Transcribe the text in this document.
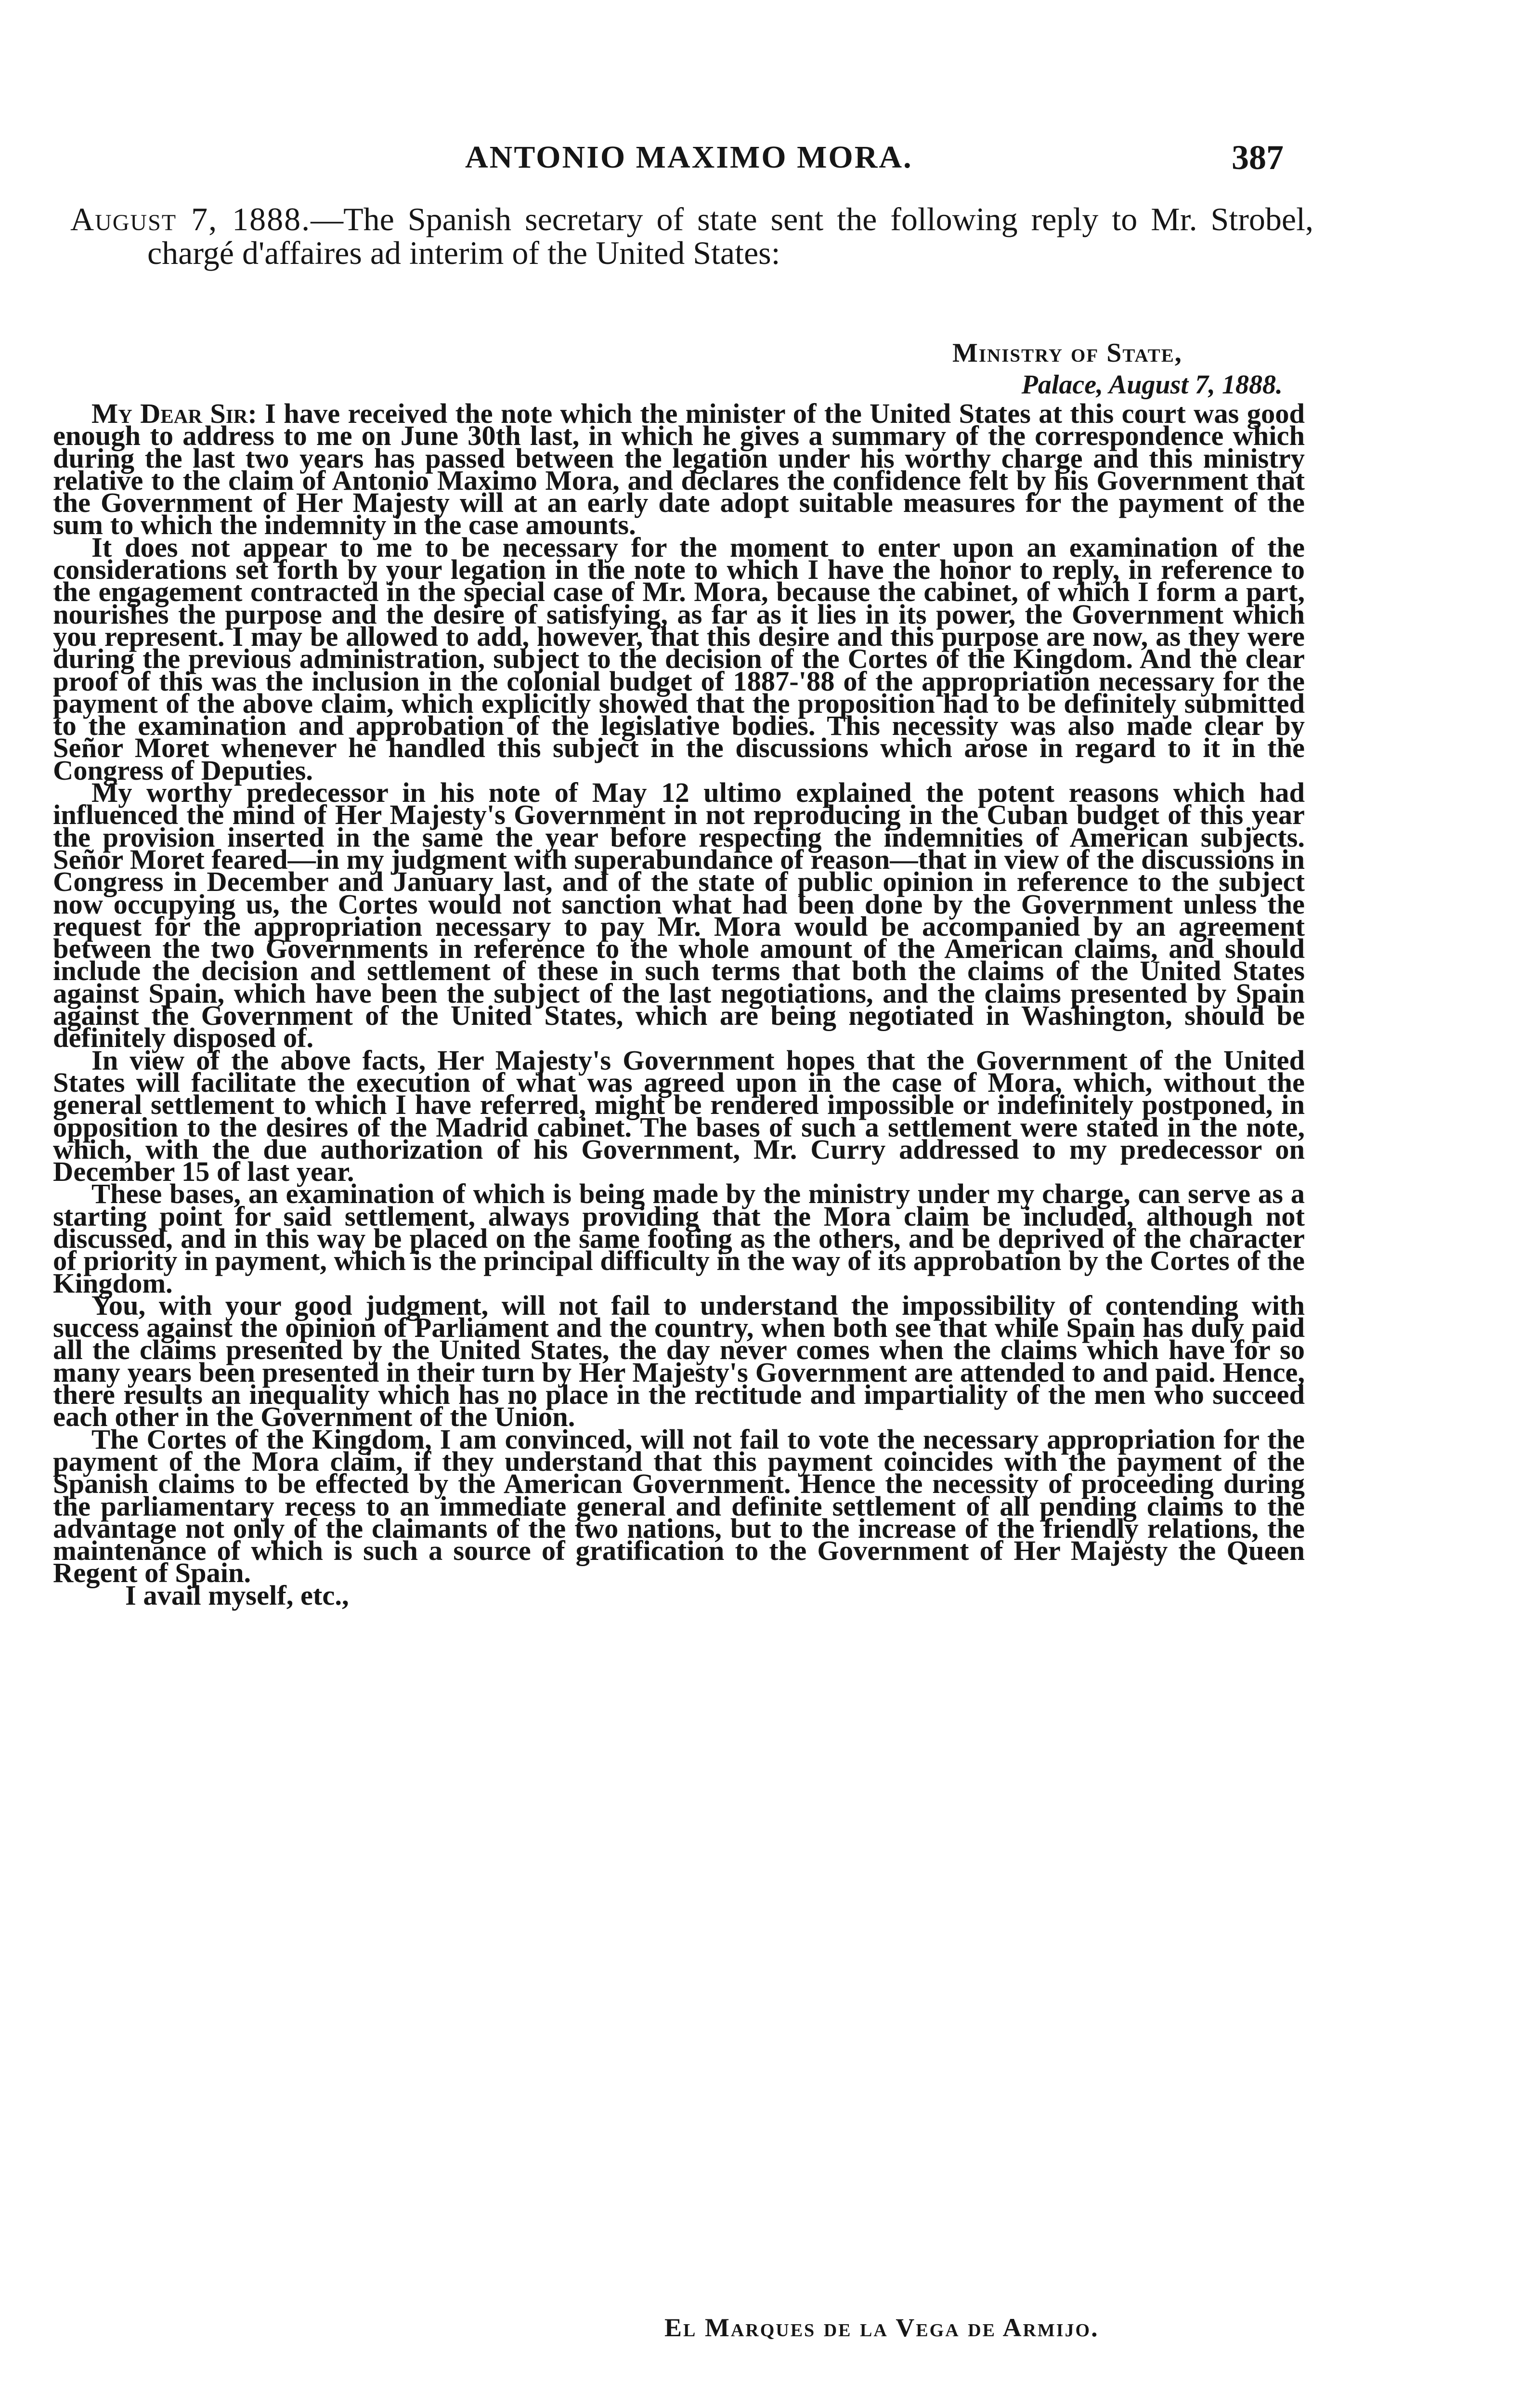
ANTONIO MAXIMO MORA.	387
August 7, 1888.—The Spanish secretary of state sent the following reply to Mr. Strobel, chargé d'affaires ad interim of the United States:
Ministry of State,
Palace, August 7, 1888.

My Dear Sir: I have received the note which the minister of the United States at this court was good enough to address to me on June 30th last, in which he gives a summary of the correspondence which during the last two years has passed between the legation under his worthy charge and this ministry relative to the claim of Antonio Maximo Mora, and declares the confidence felt by his Government that the Government of Her Majesty will at an early date adopt suitable measures for the payment of the sum to which the indemnity in the case amounts.

It does not appear to me to be necessary for the moment to enter upon an examination of the considerations set forth by your legation in the note to which I have the honor to reply, in reference to the engagement contracted in the special case of Mr. Mora, because the cabinet, of which I form a part, nourishes the purpose and the desire of satisfying, as far as it lies in its power, the Government which you represent. I may be allowed to add, however, that this desire and this purpose are now, as they were during the previous administration, subject to the decision of the Cortes of the Kingdom. And the clear proof of this was the inclusion in the colonial budget of 1887-'88 of the appropriation necessary for the payment of the above claim, which explicitly showed that the proposition had to be definitely submitted to the examination and approbation of the legislative bodies. This necessity was also made clear by Señor Moret whenever he handled this subject in the discussions which arose in regard to it in the Congress of Deputies.

My worthy predecessor in his note of May 12 ultimo explained the potent reasons which had influenced the mind of Her Majesty's Government in not reproducing in the Cuban budget of this year the provision inserted in the same the year before respecting the indemnities of American subjects. Señor Moret feared—in my judgment with superabundance of reason—that in view of the discussions in Congress in December and January last, and of the state of public opinion in reference to the subject now occupying us, the Cortes would not sanction what had been done by the Government unless the request for the appropriation necessary to pay Mr. Mora would be accompanied by an agreement between the two Governments in reference to the whole amount of the American claims, and should include the decision and settlement of these in such terms that both the claims of the United States against Spain, which have been the subject of the last negotiations, and the claims presented by Spain against the Government of the United States, which are being negotiated in Washington, should be definitely disposed of.

In view of the above facts, Her Majesty's Government hopes that the Government of the United States will facilitate the execution of what was agreed upon in the case of Mora, which, without the general settlement to which I have referred, might be rendered impossible or indefinitely postponed, in opposition to the desires of the Madrid cabinet. The bases of such a settlement were stated in the note, which, with the due authorization of his Government, Mr. Curry addressed to my predecessor on December 15 of last year.

These bases, an examination of which is being made by the ministry under my charge, can serve as a starting point for said settlement, always providing that the Mora claim be included, although not discussed, and in this way be placed on the same footing as the others, and be deprived of the character of priority in payment, which is the principal difficulty in the way of its approbation by the Cortes of the Kingdom.

You, with your good judgment, will not fail to understand the impossibility of contending with success against the opinion of Parliament and the country, when both see that while Spain has duly paid all the claims presented by the United States, the day never comes when the claims which have for so many years been presented in their turn by Her Majesty's Government are attended to and paid. Hence, there results an inequality which has no place in the rectitude and impartiality of the men who succeed each other in the Government of the Union.

The Cortes of the Kingdom, I am convinced, will not fail to vote the necessary appropriation for the payment of the Mora claim, if they understand that this payment coincides with the payment of the Spanish claims to be effected by the American Government. Hence the necessity of proceeding during the parliamentary recess to an immediate general and definite settlement of all pending claims to the advantage not only of the claimants of the two nations, but to the increase of the friendly relations, the maintenance of which is such a source of gratification to the Government of Her Majesty the Queen Regent of Spain.

I avail myself, etc.,

El Marques de la Vega de Armijo.
